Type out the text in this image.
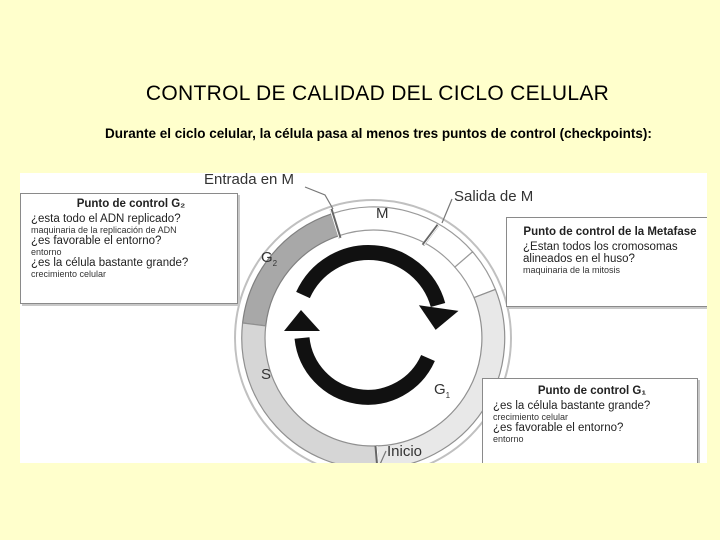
CONTROL DE CALIDAD DEL CICLO CELULAR
Durante el ciclo celular, la célula pasa al menos tres puntos de control (checkpoints):
M
$G_2$
S
$G_1$
Entrada en M
Salida de M
Inicio
Punto de control G₂
¿esta todo el ADN replicado?
maquinaria de la replicación de ADN
¿es favorable el entorno?
entorno
¿es la célula bastante grande?
crecimiento celular
Punto de control de la Metafase
¿Estan todos los cromosomas
alineados en el huso?
maquinaria de la mitosis
Punto de control G₁
¿es la célula bastante grande?
crecimiento celular
¿es favorable el entorno?
entorno
